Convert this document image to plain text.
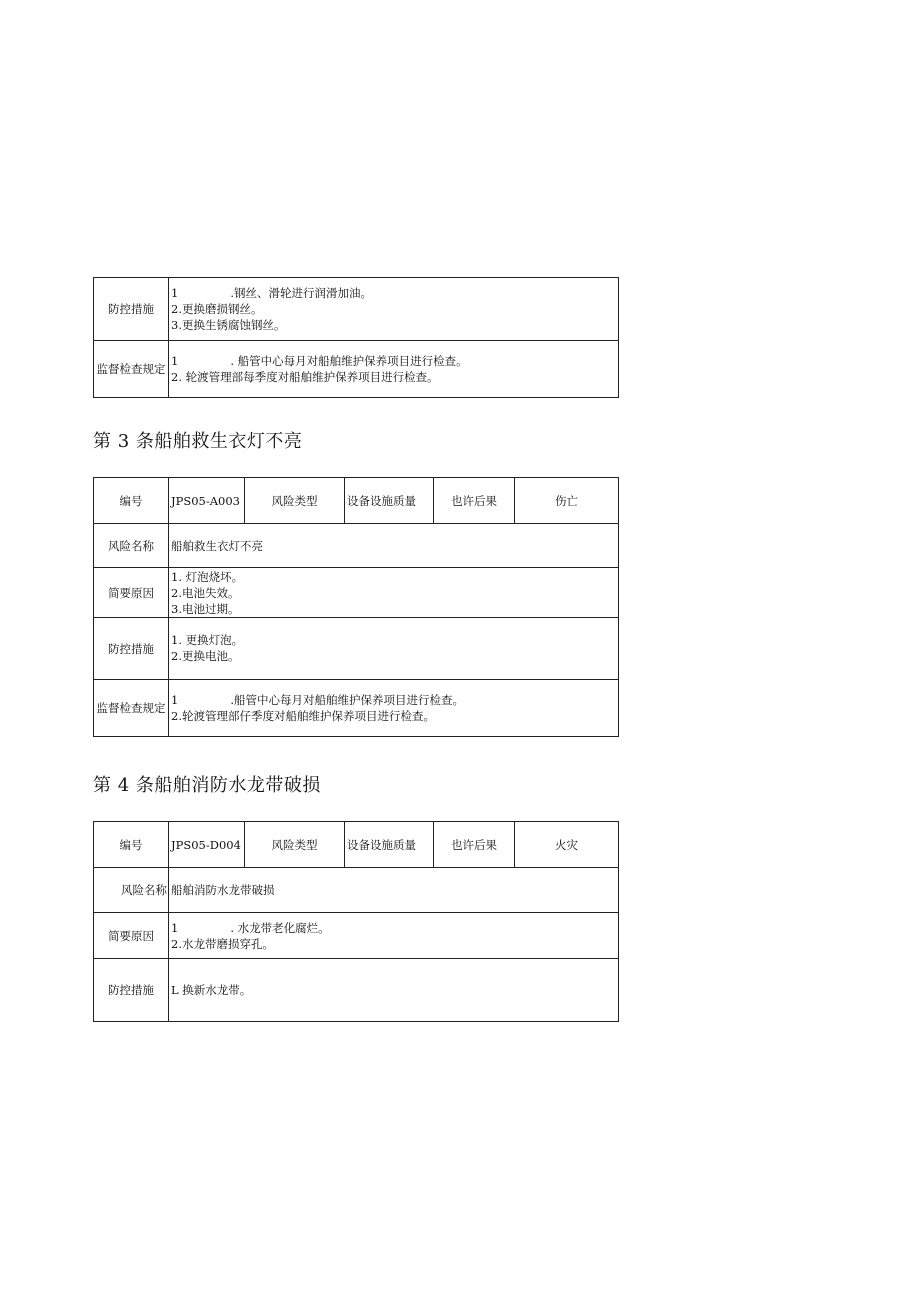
防控措施	1 .钢丝、滑轮进行润滑加油。
2.更换磨损钢丝。
3.更换生锈腐蚀钢丝。

监督检查规定	1 . 船管中心每月对船舶维护保养项目进行检查。
2. 轮渡管理部每季度对船舶维护保养项目进行检查。
第 3 条船舶救生衣灯不亮
编号	JPS05-A003	风险类型	设备设施质量	也许后果	伤亡
风险名称	船舶救生衣灯不亮				
简要原因	1. 灯泡烧坏。
2.电池失效。
3.电池过期。				

防控措施	1. 更换灯泡。
2.更换电池。				

监督检查规定	1 .船管中心每月对船舶维护保养项目进行检查。
2.轮渡管理部仔季度对船舶维护保养项目进行检查。				
第 4 条船舶消防水龙带破损
编号	JPS05-D004	风险类型	设备设施质量	也许后果	火灾
风险名称	船舶消防水龙带破损				
简要原因	1 . 水龙带老化腐烂。
2.水龙带磨损穿孔。				

防控措施	L 换新水龙带。				
